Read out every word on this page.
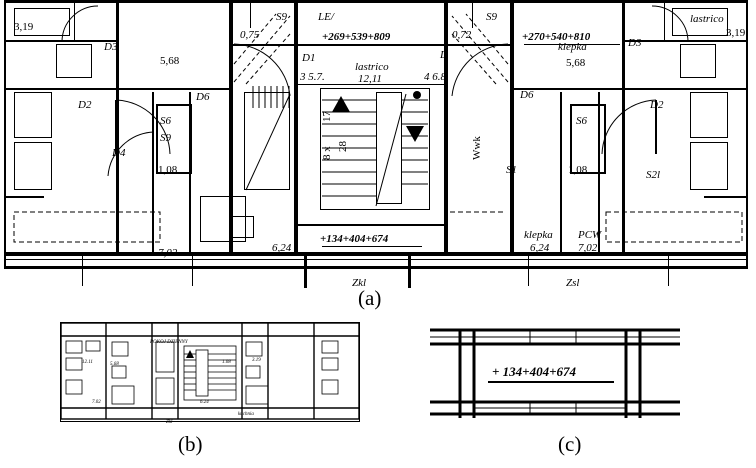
3,19
D3
5,68
D6
D2
S6
S9
D4
1,08
7,02	6,24
S9	LE/
0,75	+269+539+809
D1
3 5.7.
lastrico
12,11	4 6.8.
8 x 28
17
+134+404+674
S9
0,72	+270+540+810
D
D3
3,19
lastrico
klepka
5,68
D6
S6
D2
1,08
S1	S2l
Wwk
klepka
6,24
PCW
7,02
Zkl	Zsl
POKOJ DZIENNY
12.11	5.68	1.08	3.19
7.02	6.24
kuchnia
Zkl
+ 134+404+674
(a)
(b)	(c)
